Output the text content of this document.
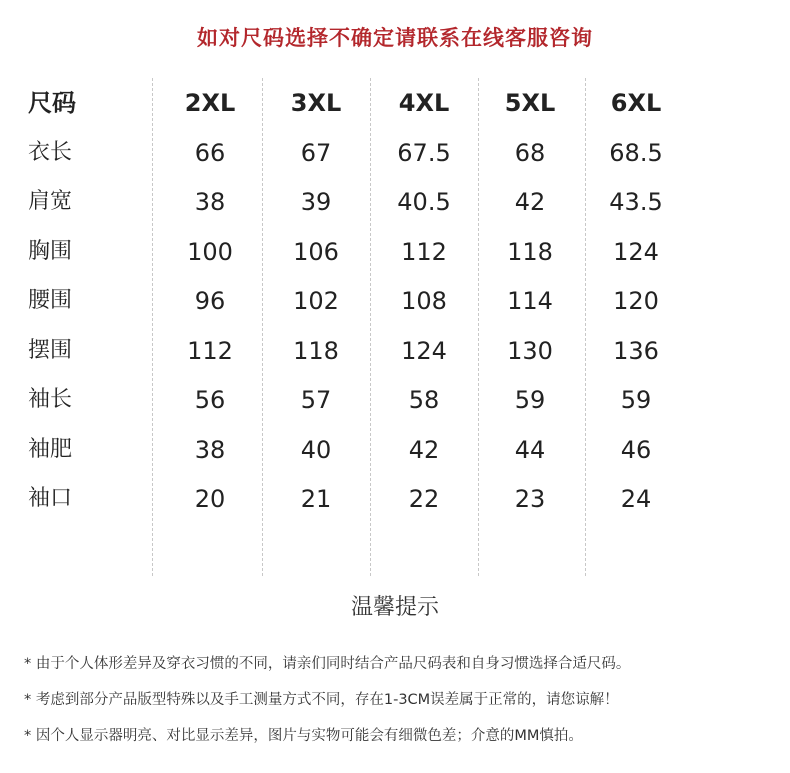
如对尺码选择不确定请联系在线客服咨询
尺码	2XL	3XL	4XL	5XL	6XL
衣长	66	67	67.5	68	68.5
肩宽	38	39	40.5	42	43.5
胸围	100	106	112	118	124
腰围	96	102	108	114	120
摆围	112	118	124	130	136
袖长	56	57	58	59	59
袖肥	38	40	42	44	46
袖口	20	21	22	23	24
温馨提示
* 由于个人体形差异及穿衣习惯的不同，请亲们同时结合产品尺码表和自身习惯选择合适尺码。
* 考虑到部分产品版型特殊以及手工测量方式不同，存在1-3CM误差属于正常的，请您谅解！
* 因个人显示器明亮、对比显示差异，图片与实物可能会有细微色差；介意的MM慎拍。
